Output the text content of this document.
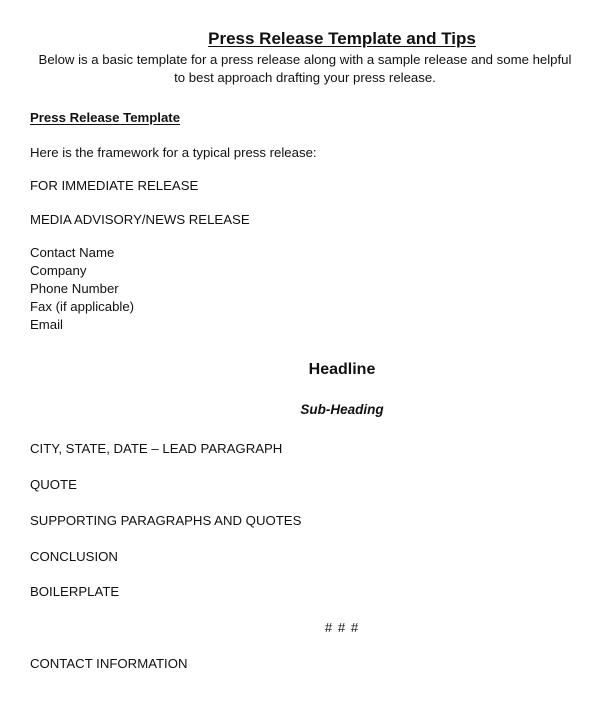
Press Release Template and Tips
Below is a basic template for a press release along with a sample release and some helpful
to best approach drafting your press release.
Press Release Template
Here is the framework for a typical press release:
FOR IMMEDIATE RELEASE
MEDIA ADVISORY/NEWS RELEASE
Contact Name
Company
Phone Number
Fax (if applicable)
Email
Headline
Sub-Heading
CITY, STATE, DATE – LEAD PARAGRAPH
QUOTE
SUPPORTING PARAGRAPHS AND QUOTES
CONCLUSION
BOILERPLATE
# # #
CONTACT INFORMATION
